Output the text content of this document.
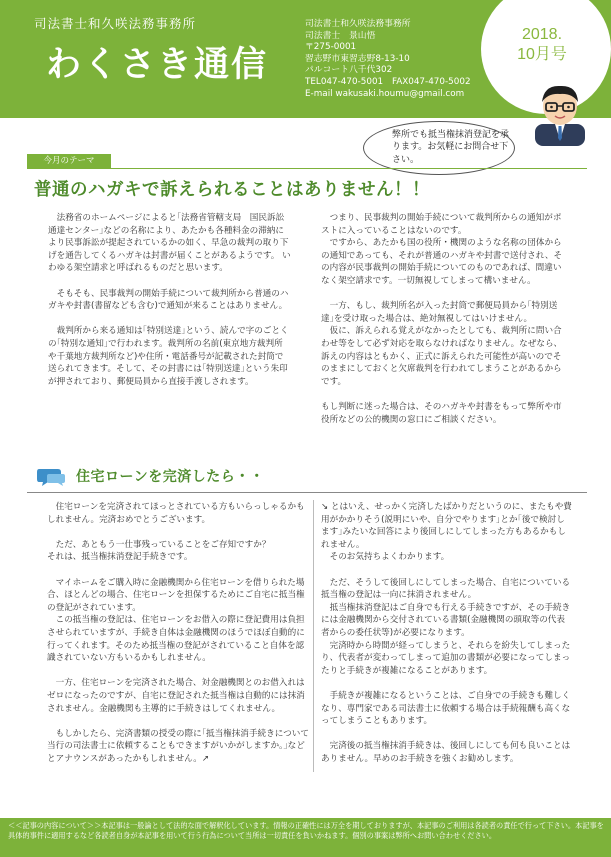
司法書士和久咲法務事務所
わくさき通信
司法書士和久咲法務事務所
司法書士　景山悟
〒275-0001
習志野市東習志野8-13-10
パルコート八千代302
TEL047-470-5001　FAX047-470-5002
E-mail wakusaki.houmu@gmail.com
2018.
10月号
弊所でも抵当権抹消登記を承ります。お気軽にお問合せ下さい。
今月のテーマ
普通のハガキで訴えられることはありません！！

法務省のホームページによると｢法務省管轄支局　国民訴訟通達センター｣などの名称により、あたかも各種料金の滞納により民事訴訟が提起されているかの如く、早急の裁判の取り下げを通告してくるハガキは封書が届くことがあるようです。 いわゆる架空請求と呼ばれるものだと思います。

そもそも、民事裁判の開始手続について裁判所から普通のハガキや封書(書留なども含む)で通知が来ることはありません。

裁判所から来る通知は｢特別送達｣という、読んで字のごとくの｢特別な通知｣で行われます。裁判所の名前(東京地方裁判所や千葉地方裁判所など)や住所・電話番号が記載された封筒で送られてきます。そして、その封書には｢特別送達｣という朱印が押されており、郵便局員から直接手渡しされます。

つまり、民事裁判の開始手続について裁判所からの通知がポストに入っていることはないのです。
　ですから、あたかも国の役所・機関のような名称の団体からの通知であっても、それが普通のハガキや封書で送付され、その内容が民事裁判の開始手続についてのものであれば、間違いなく架空請求です。一切無視してしまって構いません。

一方、もし、裁判所名が入った封筒で郵便局員から｢特別送達｣を受け取った場合は、絶対無視してはいけません。
　仮に、訴えられる覚えがなかったとしても、裁判所に問い合わせ等をして必ず対応を取らなければなりません。なぜなら、訴えの内容はともかく、正式に訴えられた可能性が高いのでそのままにしておくと欠席裁判を行われてしまうことがあるからです。

もし判断に迷った場合は、そのハガキや封書をもって弊所や市役所などの公的機関の窓口にご相談ください。

住宅ローンを完済したら・・

住宅ローンを完済されてほっとされている方もいらっしゃるかもしれません。完済おめでとうございます。

ただ、あともう一仕事残っていることをご存知ですか？
それは、抵当権抹消登記手続きです。

マイホームをご購入時に金融機関から住宅ローンを借りられた場合、ほとんどの場合、住宅ローンを担保するためにご自宅に抵当権の登記がされています。
　この抵当権の登記は、住宅ローンをお借入の際に登記費用は負担させられていますが、手続き自体は金融機関のほうでほぼ自動的に行ってくれます。そのため抵当権の登記がされていること自体を認識されていない方もいるかもしれません。

一方、住宅ローンを完済された場合、対金融機関とのお借入れはゼロになったのですが、自宅に登記された抵当権は自動的には抹消されません。金融機関も主導的に手続きはしてくれません。

もしかしたら、完済書類の授受の際に｢抵当権抹消手続きについて当行の司法書士に依頼することもできますがいかがしますか。｣などとアナウンスがあったかもしれません。↗

↘ とはいえ、せっかく完済したばかりだというのに、またもや費用がかかりそう(説明にいや、自分でやります｣とか｢後で検討します｣みたいな回答により後回しにしてしまった方もあるかもしれません。
　そのお気持ちよくわかります。

ただ、そうして後回しにしてしまった場合、自宅についている抵当権の登記は一向に抹消されません。
　抵当権抹消登記はご自身でも行える手続きですが、その手続きには金融機関から交付されている書類(金融機関の頭取等の代表者からの委任状等)が必要になります。
　完済時から時間が経ってしまうと、それらを紛失してしまったり、代表者が変わってしまって追加の書類が必要になってしまったりと手続きが複雑になることがあります。

手続きが複雑になるということは、ご自身での手続きも難しくなり、専門家である司法書士に依頼する場合は手続報酬も高くなってしまうこともあります。

完済後の抵当権抹消手続きは、後回しにしても何も良いことはありません。早めのお手続きを強くお勧めします。

＜＜記事の内容について＞＞本記事は一般論として法的な面で解釈化しています。情報の正確性には万全を期しておりますが、本記事のご利用は各読者の責任で行って下さい。本記事を具体的事件に適用するなど各読者自身が本記事を用いて行う行為について当所は一切責任を負いかねます。個別の事案は弊所へお問い合わせください。
